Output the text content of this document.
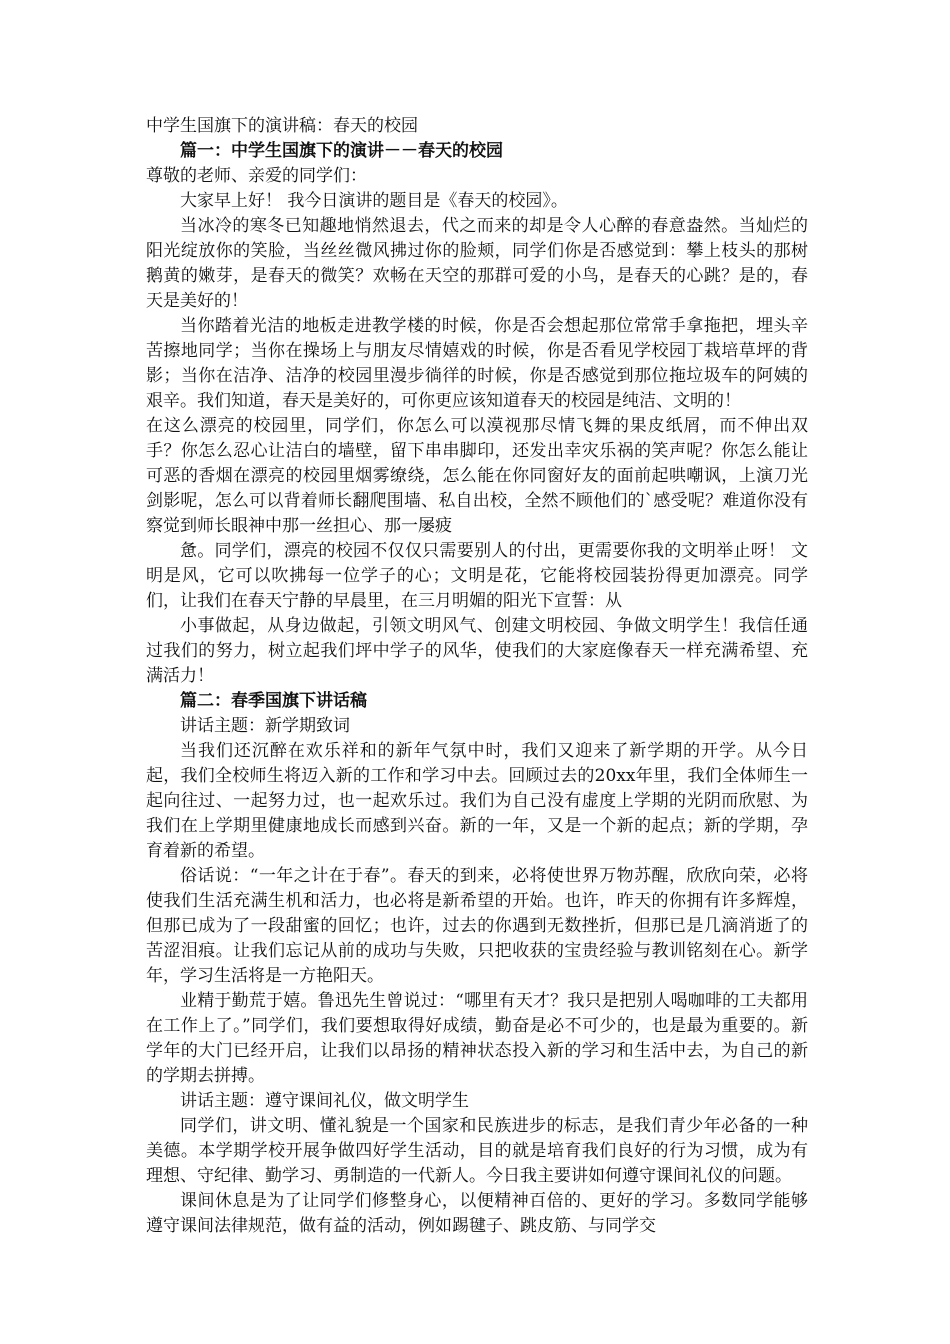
中学生国旗下的演讲稿：春天的校园

篇一：中学生国旗下的演讲－－春天的校园

尊敬的老师、亲爱的同学们：

大家早上好！ 我今日演讲的题目是《春天的校园》。

当冰冷的寒冬已知趣地悄然退去，代之而来的却是令人心醉的春意盎然。当灿烂的阳光绽放你的笑脸，当丝丝微风拂过你的脸颊，同学们你是否感觉到：攀上枝头的那树鹅黄的嫩芽，是春天的微笑？欢畅在天空的那群可爱的小鸟，是春天的心跳？是的，春天是美好的！

当你踏着光洁的地板走进教学楼的时候，你是否会想起那位常常手拿拖把，埋头辛苦擦地同学；当你在操场上与朋友尽情嬉戏的时候，你是否看见学校园丁栽培草坪的背影；当你在洁净、洁净的校园里漫步徜徉的时候，你是否感觉到那位拖垃圾车的阿姨的艰辛。我们知道，春天是美好的，可你更应该知道春天的校园是纯洁、文明的！

在这么漂亮的校园里，同学们，你怎么可以漠视那尽情飞舞的果皮纸屑，而不伸出双手？你怎么忍心让洁白的墙壁，留下串串脚印，还发出幸灾乐祸的笑声呢？你怎么能让可恶的香烟在漂亮的校园里烟雾缭绕，怎么能在你同窗好友的面前起哄嘲讽，上演刀光剑影呢，怎么可以背着师长翻爬围墙、私自出校，全然不顾他们的`感受呢？难道你没有察觉到师长眼神中那一丝担心、那一屡疲

惫。同学们，漂亮的校园不仅仅只需要别人的付出，更需要你我的文明举止呀！ 文明是风，它可以吹拂每一位学子的心；文明是花，它能将校园装扮得更加漂亮。同学们，让我们在春天宁静的早晨里，在三月明媚的阳光下宣誓：从

小事做起，从身边做起，引领文明风气、创建文明校园、争做文明学生！我信任通过我们的努力，树立起我们坪中学子的风华，使我们的大家庭像春天一样充满希望、充满活力！

篇二：春季国旗下讲话稿

讲话主题：新学期致词

当我们还沉醉在欢乐祥和的新年气氛中时，我们又迎来了新学期的开学。从今日起，我们全校师生将迈入新的工作和学习中去。回顾过去的20xx年里，我们全体师生一起向往过、一起努力过，也一起欢乐过。我们为自己没有虚度上学期的光阴而欣慰、为我们在上学期里健康地成长而感到兴奋。新的一年，又是一个新的起点；新的学期，孕育着新的希望。

俗话说：“一年之计在于春”。春天的到来，必将使世界万物苏醒，欣欣向荣，必将使我们生活充满生机和活力，也必将是新希望的开始。也许，昨天的你拥有许多辉煌，但那已成为了一段甜蜜的回忆；也许，过去的你遇到无数挫折，但那已是几滴消逝了的苦涩泪痕。让我们忘记从前的成功与失败，只把收获的宝贵经验与教训铭刻在心。新学年，学习生活将是一方艳阳天。

业精于勤荒于嬉。鲁迅先生曾说过：“哪里有天才？我只是把别人喝咖啡的工夫都用在工作上了。”同学们，我们要想取得好成绩，勤奋是必不可少的，也是最为重要的。新学年的大门已经开启，让我们以昂扬的精神状态投入新的学习和生活中去，为自己的新的学期去拼搏。

讲话主题：遵守课间礼仪，做文明学生

同学们，讲文明、懂礼貌是一个国家和民族进步的标志，是我们青少年必备的一种美德。本学期学校开展争做四好学生活动，目的就是培育我们良好的行为习惯，成为有理想、守纪律、勤学习、勇制造的一代新人。今日我主要讲如何遵守课间礼仪的问题。

课间休息是为了让同学们修整身心，以便精神百倍的、更好的学习。多数同学能够遵守课间法律规范，做有益的活动，例如踢毽子、跳皮筋、与同学交
